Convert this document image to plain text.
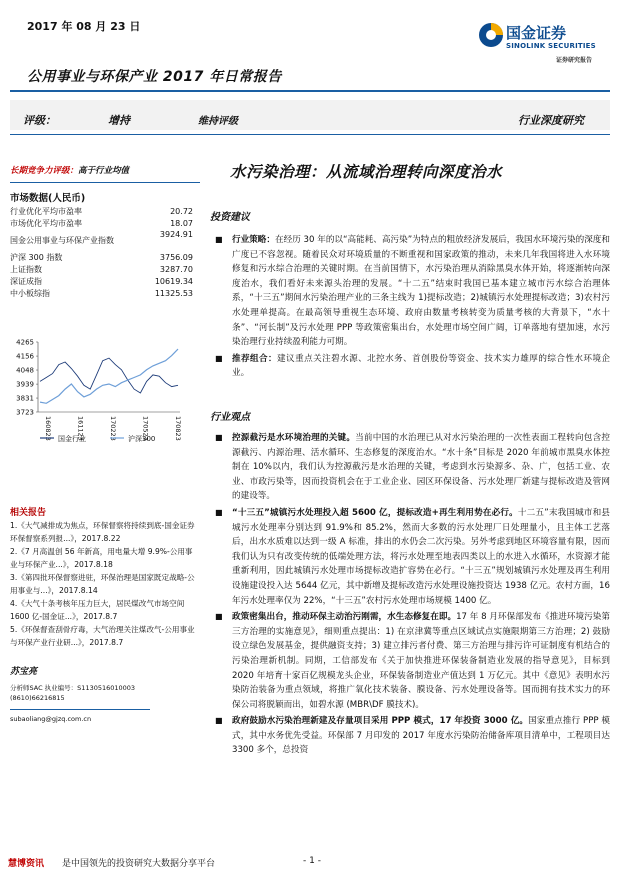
2017 年 08 月 23 日
公用事业与环保产业 2017 年日常报告
国金证券
SINOLINK SECURITIES
证券研究报告
评级：	增持	维持评级	行业深度研究
长期竞争力评级：高于行业均值
市场数据(人民币)
行业优化平均市盈率	20.72
市场优化平均市盈率	18.07
国金公用事业与环保产业指数	3924.91
沪深 300 指数	3756.09
上证指数	3287.70
深证成指	10619.34
中小板综指	11325.53
4265
4156
4048
3939
3831
3723
160823	161123	170223	170523	170823
国金行业	沪深300
相关报告
1.《大气减排成为焦点，环保督察将持续到底-国金证券环保督察系列报...》，2017.8.22
2.《7 月高温创 56 年新高，用电量大增 9.9%-公用事业与环保产业...》，2017.8.18
3.《第四批环保督察进驻，环保治理是国家既定战略-公用事业与...》，2017.8.14
4.《大气十条考核年压力巨大，居民煤改气市场空间 1600 亿-国金证...》，2017.8.7
5.《环保督查刮骨疗毒，大气治理关注煤改气-公用事业与环保产业行业研...》，2017.8.7
苏宝亮
分析师SAC 执业编号：S1130516010003
(8610)66216815
subaoliang@gjzq.com.cn
水污染治理：从流域治理转向深度治水
投资建议

■ 行业策略：在经历 30 年的以“高能耗、高污染”为特点的粗放经济发展后，我国水环境污染的深度和广度已不容忽视。随着民众对环境质量的不断重视和国家政策的推动，未来几年我国将进入水环境修复和污水综合治理的关键时期。在当前国情下，水污染治理从消除黑臭水体开始，将逐渐转向深度治水，我们看好未来源头治理的发展。“十二五”结束时我国已基本建立城市污水综合治理体系，“十三五”期间水污染治理产业的三条主线为 1)提标改造；2)城镇污水处理提标改造；3)农村污水处理单提高。在最高领导重视生态环境、政府由数量考核转变为质量考核的大背景下，“水十条”、“河长制”及污水处理 PPP 等政策密集出台，水处理市场空间广阔，订单落地有望加速，水污染治理行业持续盈利能力可期。

■ 推荐组合：建议重点关注碧水源、北控水务、首创股份等资金、技术实力雄厚的综合性水环境企业。

行业观点

■ 控源截污是水环境治理的关键。当前中国的水治理已从对水污染治理的一次性表面工程转向包含控源截污、内源治理、活水循环、生态修复的深度治水。“水十条”目标是 2020 年前城市黑臭水体控制在 10%以内，我们认为控源截污是水治理的关键，考虑到水污染源多、杂、广，包括工业、农业、市政污染等，因而投资机会在于工业企业、园区环保设备、污水处理厂新建与提标改造及管网的建设等。

■ “十三五”城镇污水处理投入超 5600 亿，提标改造+再生利用势在必行。十二五”末我国城市和县城污水处理率分别达到 91.9%和 85.2%，然而大多数的污水处理厂日处理量小，且主体工艺落后，出水水质难以达到一级 A 标准，排出的水仍会二次污染。另外考虑到地区环境容量有限，因而我们认为只有改变传统的低端处理方法，将污水处理至地表四类以上的水进入水循环，水资源才能重新利用，因此城镇污水处理市场提标改造扩容势在必行。“十三五”规划城镇污水处理及再生利用设施建设投入达 5644 亿元，其中新增及提标改造污水处理设施投资达 1938 亿元。农村方面，16 年污水处理率仅为 22%，“十三五”农村污水处理市场规模 1400 亿。

■ 政策密集出台，推动环保主动治污刚需，水生态修复在即。17 年 8 月环保部发布《推进环境污染第三方治理的实施意见》，细则重点提出：1) 在京津冀等重点区域试点实施限期第三方治理；2) 鼓励设立绿色发展基金，提供融资支持；3) 建立排污者付费、第三方治理与排污许可证制度有机结合的污染治理新机制。同期，工信部发布《关于加快推进环保装备制造业发展的指导意见》，目标到 2020 年培育十家百亿规模龙头企业，环保装备制造业产值达到 1 万亿元。其中《意见》表明水污染防治装备为重点领域，将推广氧化技术装备、膜设备、污水处理设备等。国而拥有技术实力的环保公司将脱颖而出，如碧水源 (MBR\DF 膜技术)。

■ 政府鼓励水污染治理新建及存量项目采用 PPP 模式，17 年投资 3000 亿。国家重点推行 PPP 模式，其中水务优先受益。环保部 7 月印发的 2017 年度水污染防治储备库项目清单中，工程项目达 3300 多个，总投资

慧博资讯 是中国领先的投资研究大数据分享平台	- 1 -
